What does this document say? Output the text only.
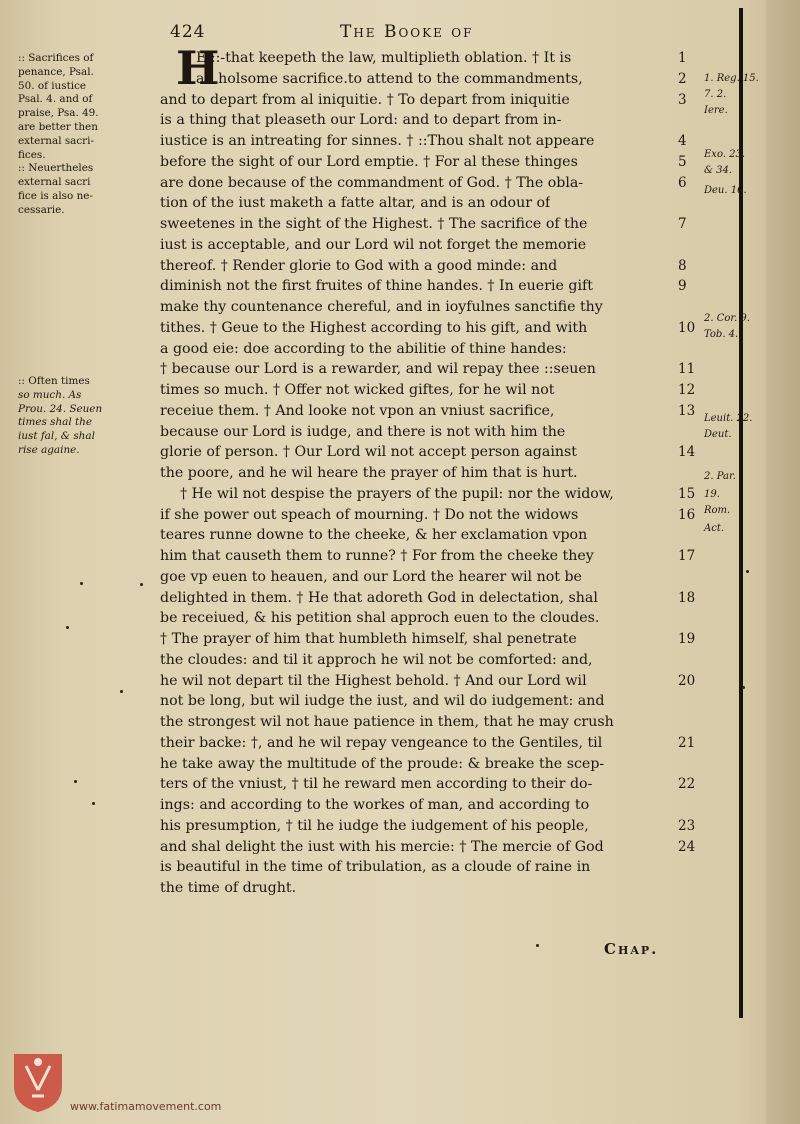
424	The Booke of
H
E ::-that keepeth the law, multiplieth oblation. † It is	1
an holsome sacrifice.to attend to the commandments,	2
and to depart from al iniquitie. † To depart from iniquitie	3
is a thing that pleaseth our Lord: and to depart from in-
iustice is an intreating for sinnes. † ::Thou shalt not appeare	4
before the sight of our Lord emptie. † For al these thinges	5
are done because of the commandment of God. † The obla-	6
tion of the iust maketh a fatte altar, and is an odour of
sweetenes in the sight of the Highest. † The sacrifice of the	7
iust is acceptable, and our Lord wil not forget the memorie
thereof. † Render glorie to God with a good minde: and	8
diminish not the first fruites of thine handes. † In euerie gift	9
make thy countenance chereful, and in ioyfulnes sanctifie thy
tithes. † Geue to the Highest according to his gift, and with	10
a good eie: doe according to the abilitie of thine handes:
† because our Lord is a rewarder, and wil repay thee ::seuen	11
times so much. † Offer not wicked giftes, for he wil not	12
receiue them. † And looke not vpon an vniust sacrifice,	13
because our Lord is iudge, and there is not with him the
glorie of person. † Our Lord wil not accept person against	14
the poore, and he wil heare the prayer of him that is hurt.
† He wil not despise the prayers of the pupil: nor the widow,	15
if she power out speach of mourning. † Do not the widows	16
teares runne downe to the cheeke, & her exclamation vpon
him that causeth them to runne? † For from the cheeke they	17
goe vp euen to heauen, and our Lord the hearer wil not be
delighted in them. † He that adoreth God in delectation, shal	18
be receiued, & his petition shal approch euen to the cloudes.
† The prayer of him that humbleth himself, shal penetrate	19
the cloudes: and til it approch he wil not be comforted: and,
he wil not depart til the Highest behold. † And our Lord wil	20
not be long, but wil iudge the iust, and wil do iudgement: and
the strongest wil not haue patience in them, that he may crush
their backe: †, and he wil repay vengeance to the Gentiles, til	21
he take away the multitude of the proude: & breake the scep-
ters of the vniust, † til he reward men according to their do-	22
ings: and according to the workes of man, and according to
his presumption, † til he iudge the iudgement of his people,	23
and shal delight the iust with his mercie: † The mercie of God	24
is beautiful in the time of tribulation, as a cloude of raine in
the time of drught.
:: Sacrifices of
penance, Psal.
50. of iustice
Psal. 4. and of
praise, Psa. 49.
are better then
external sacri-
fices.
:: Neuertheles
external sacri
fice is also ne-
cessarie.
:: Often times
so much. As
Prou. 24. Seuen
times shal the
iust fal, & shal
rise againe.
1. Reg. 15.
7. 2.
Iere.
Exo. 23.
& 34.
Deu. 16.
2. Cor. 9.
Tob. 4.
Leuit. 22.
Deut.
2. Par.
19.
Rom.
Act.
Chap.
www.fatimamovement.com
